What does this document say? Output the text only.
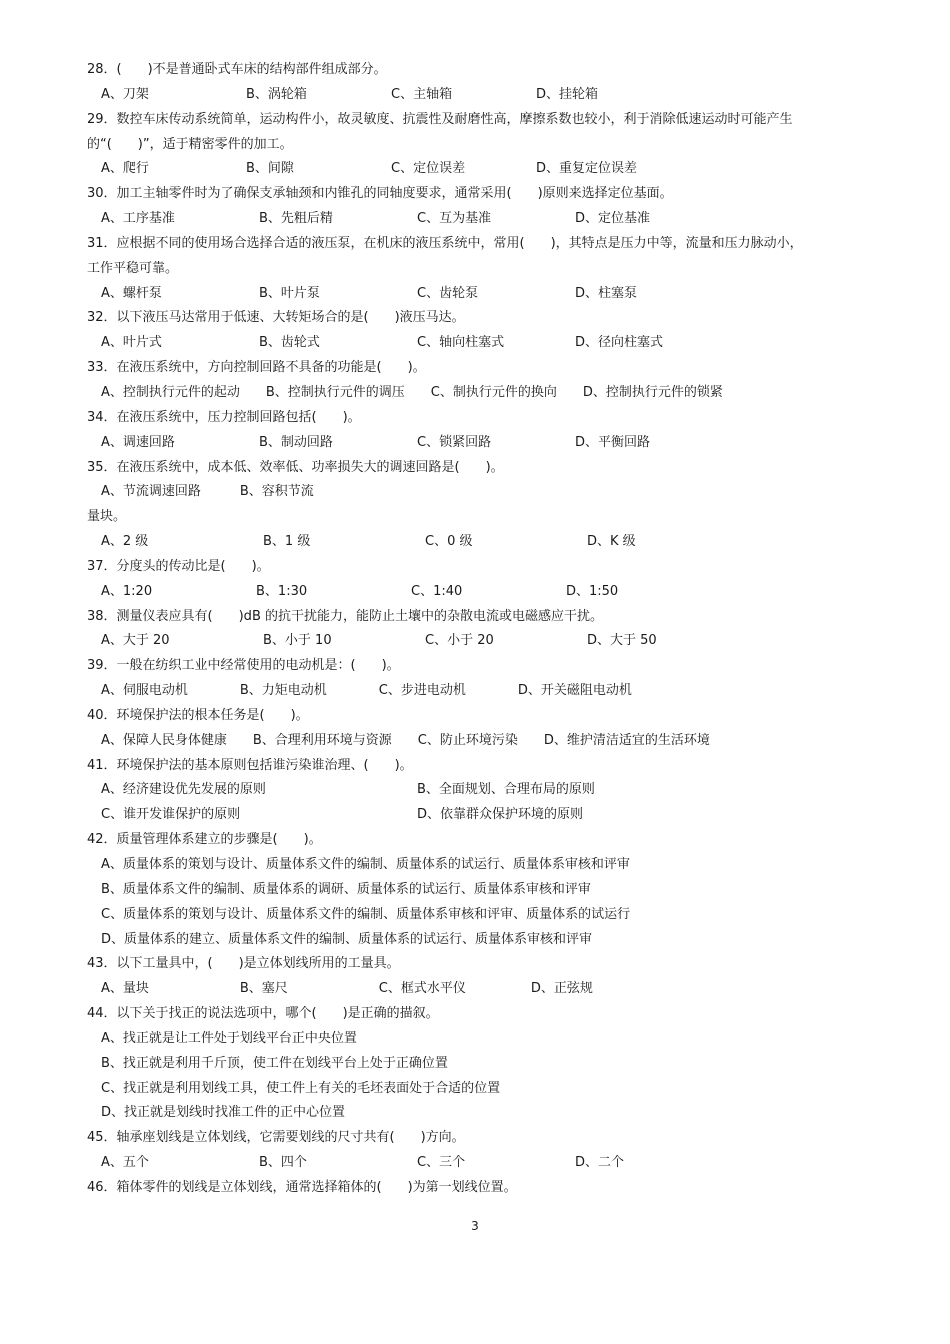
28．(　　)不是普通卧式车床的结构部件组成部分。
A、刀架	B、涡轮箱	C、主轴箱	D、挂轮箱
29．数控车床传动系统简单，运动构件小，故灵敏度、抗震性及耐磨性高，摩擦系数也较小，利于消除低速运动时可能产生
的“(　　)”，适于精密零件的加工。
A、爬行	B、间隙	C、定位误差	D、重复定位误差
30．加工主轴零件时为了确保支承轴颈和内锥孔的同轴度要求，通常采用(　　)原则来选择定位基面。
A、工序基准	B、先粗后精	C、互为基准	D、定位基准
31．应根据不同的使用场合选择合适的液压泵，在机床的液压系统中，常用(　　)，其特点是压力中等，流量和压力脉动小，
工作平稳可靠。
A、螺杆泵	B、叶片泵	C、齿轮泵	D、柱塞泵
32．以下液压马达常用于低速、大转矩场合的是(　　)液压马达。
A、叶片式	B、齿轮式	C、轴向柱塞式	D、径向柱塞式
33．在液压系统中，方向控制回路不具备的功能是(　　)。
A、控制执行元件的起动　　B、控制执行元件的调压　　C、制执行元件的换向　　D、控制执行元件的锁紧
34．在液压系统中，压力控制回路包括(　　)。
A、调速回路	B、制动回路	C、锁紧回路	D、平衡回路
35．在液压系统中，成本低、效率低、功率损失大的调速回路是(　　)。
A、节流调速回路　　　B、容积节流
量块。
A、2 级	B、1 级	C、0 级	D、K 级
37．分度头的传动比是(　　)。
A、1:20	B、1:30	C、1:40	D、1:50
38．测量仪表应具有(　　)dB 的抗干扰能力，能防止土壤中的杂散电流或电磁感应干扰。
A、大于 20	B、小于 10	C、小于 20	D、大于 50
39．一般在纺织工业中经常使用的电动机是：(　　)。
A、伺服电动机　　　　B、力矩电动机　　　　C、步进电动机　　　　D、开关磁阻电动机
40．环境保护法的根本任务是(　　)。
A、保障人民身体健康　　B、合理利用环境与资源　　C、防止环境污染　　D、维护清洁适宜的生活环境
41．环境保护法的基本原则包括谁污染谁治理、(　　)。
A、经济建设优先发展的原则	B、全面规划、合理布局的原则
C、谁开发谁保护的原则	D、依靠群众保护环境的原则
42．质量管理体系建立的步骤是(　　)。
A、质量体系的策划与设计、质量体系文件的编制、质量体系的试运行、质量体系审核和评审
B、质量体系文件的编制、质量体系的调研、质量体系的试运行、质量体系审核和评审
C、质量体系的策划与设计、质量体系文件的编制、质量体系审核和评审、质量体系的试运行
D、质量体系的建立、质量体系文件的编制、质量体系的试运行、质量体系审核和评审
43．以下工量具中，(　　)是立体划线所用的工量具。
A、量块　　　　　　　B、塞尺　　　　　　　C、框式水平仪　　　　　D、正弦规
44．以下关于找正的说法选项中，哪个(　　)是正确的描叙。
A、找正就是让工件处于划线平台正中央位置
B、找正就是利用千斤顶，使工件在划线平台上处于正确位置
C、找正就是利用划线工具，使工件上有关的毛坯表面处于合适的位置
D、找正就是划线时找准工件的正中心位置
45．轴承座划线是立体划线，它需要划线的尺寸共有(　　)方向。
A、五个	B、四个	C、三个	D、二个
46．箱体零件的划线是立体划线，通常选择箱体的(　　)为第一划线位置。
3
